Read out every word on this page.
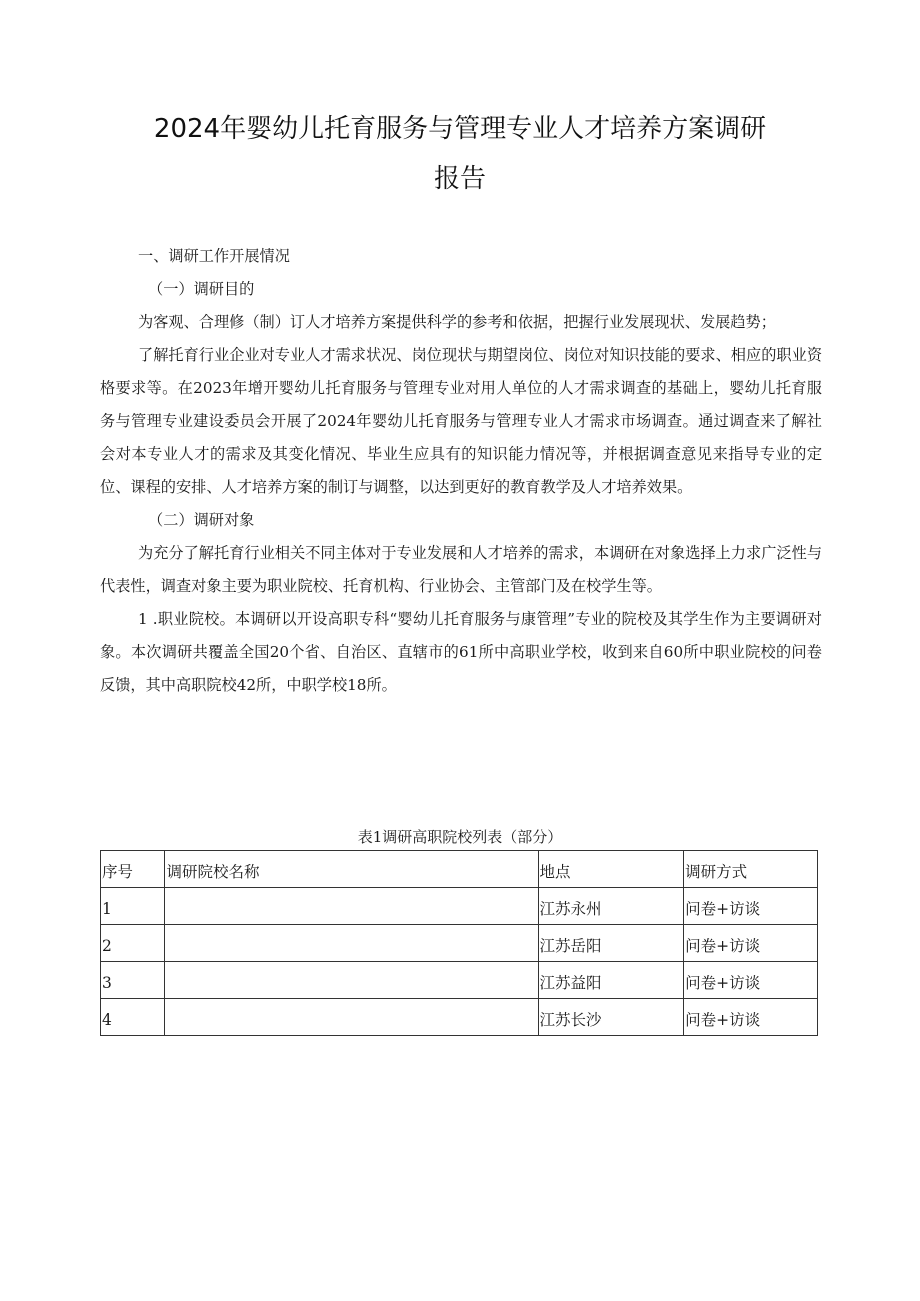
2024年婴幼儿托育服务与管理专业人才培养方案调研
报告

一、调研工作开展情况

（一）调研目的

为客观、合理修（制）订人才培养方案提供科学的参考和依据，把握行业发展现状、发展趋势；

了解托育行业企业对专业人才需求状况、岗位现状与期望岗位、岗位对知识技能的要求、相应的职业资格要求等。在2023年增开婴幼儿托育服务与管理专业对用人单位的人才需求调查的基础上，婴幼儿托育服务与管理专业建设委员会开展了2024年婴幼儿托育服务与管理专业人才需求市场调查。通过调查来了解社会对本专业人才的需求及其变化情况、毕业生应具有的知识能力情况等，并根据调查意见来指导专业的定位、课程的安排、人才培养方案的制订与调整，以达到更好的教育教学及人才培养效果。

（二）调研对象

为充分了解托育行业相关不同主体对于专业发展和人才培养的需求，本调研在对象选择上力求广泛性与代表性，调查对象主要为职业院校、托育机构、行业协会、主管部门及在校学生等。

1 .职业院校。本调研以开设高职专科“婴幼儿托育服务与康管理”专业的院校及其学生作为主要调研对象。本次调研共覆盖全国20个省、自治区、直辖市的61所中高职业学校，收到来自60所中职业院校的问卷反馈，其中高职院校42所，中职学校18所。

表1调研高职院校列表（部分）
序号	调研院校名称	地点	调研方式
1		江苏永州	问卷+访谈
2		江苏岳阳	问卷+访谈
3		江苏益阳	问卷+访谈
4		江苏长沙	问卷+访谈
